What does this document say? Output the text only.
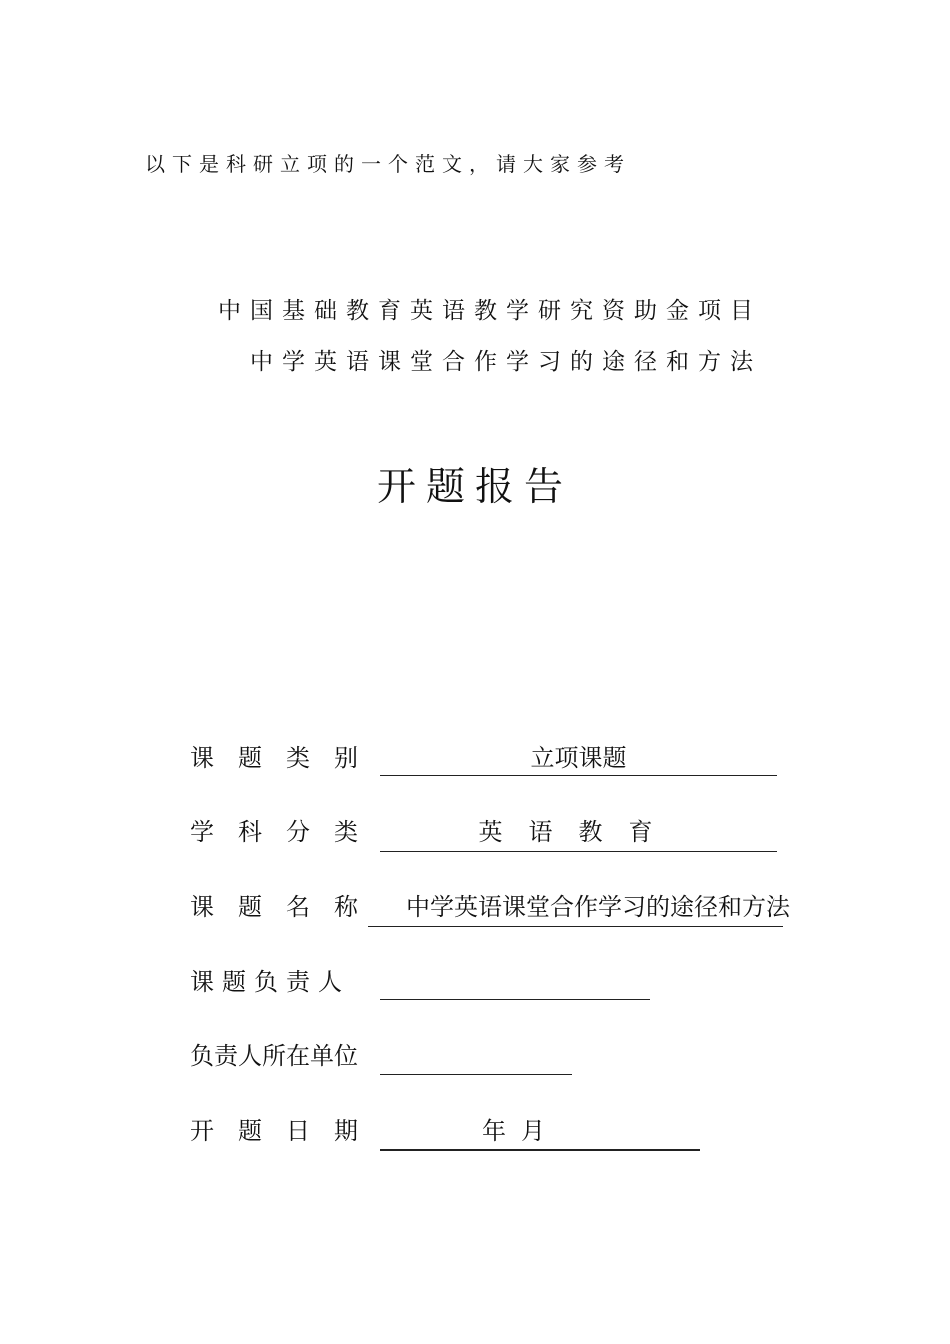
以下是科研立项的一个范文，请大家参考
中国基础教育英语教学研究资助金项目
中学英语课堂合作学习的途径和方法
开题报告
课题类别	立项课题
学科分类	英语教育
课题名称	中学英语课堂合作学习的途径和方法
课题负责人
负责人所在单位
开题日期	年 月
